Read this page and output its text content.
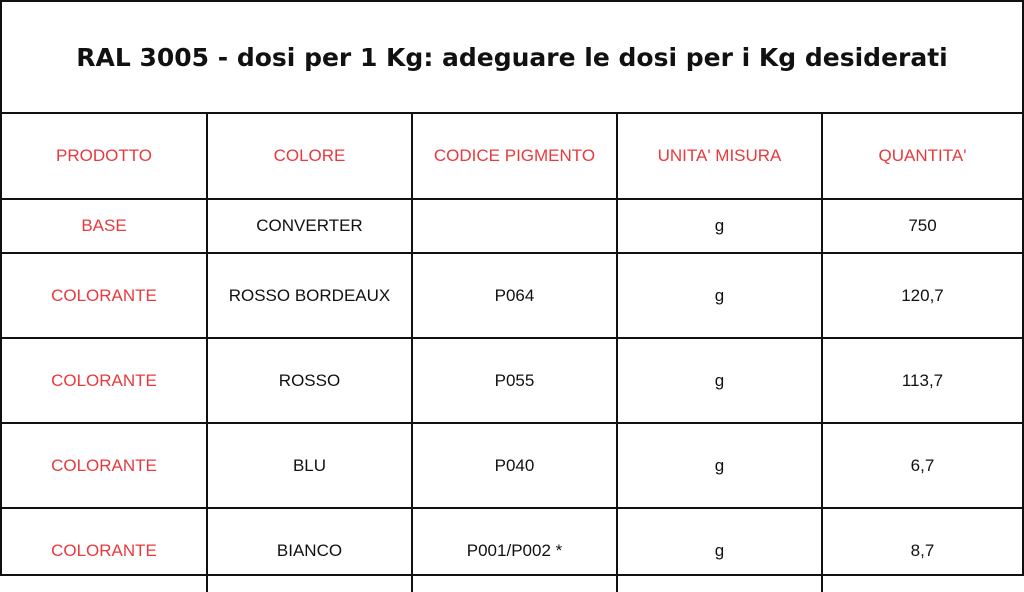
RAL 3005 - dosi per 1 Kg: adeguare le dosi per i Kg desiderati
PRODOTTO	COLORE	CODICE PIGMENTO	UNITA' MISURA	QUANTITA'
BASE	CONVERTER		g	750
COLORANTE	ROSSO BORDEAUX	P064	g	120,7
COLORANTE	ROSSO	P055	g	113,7
COLORANTE	BLU	P040	g	6,7
COLORANTE	BIANCO	P001/P002 *	g	8,7
